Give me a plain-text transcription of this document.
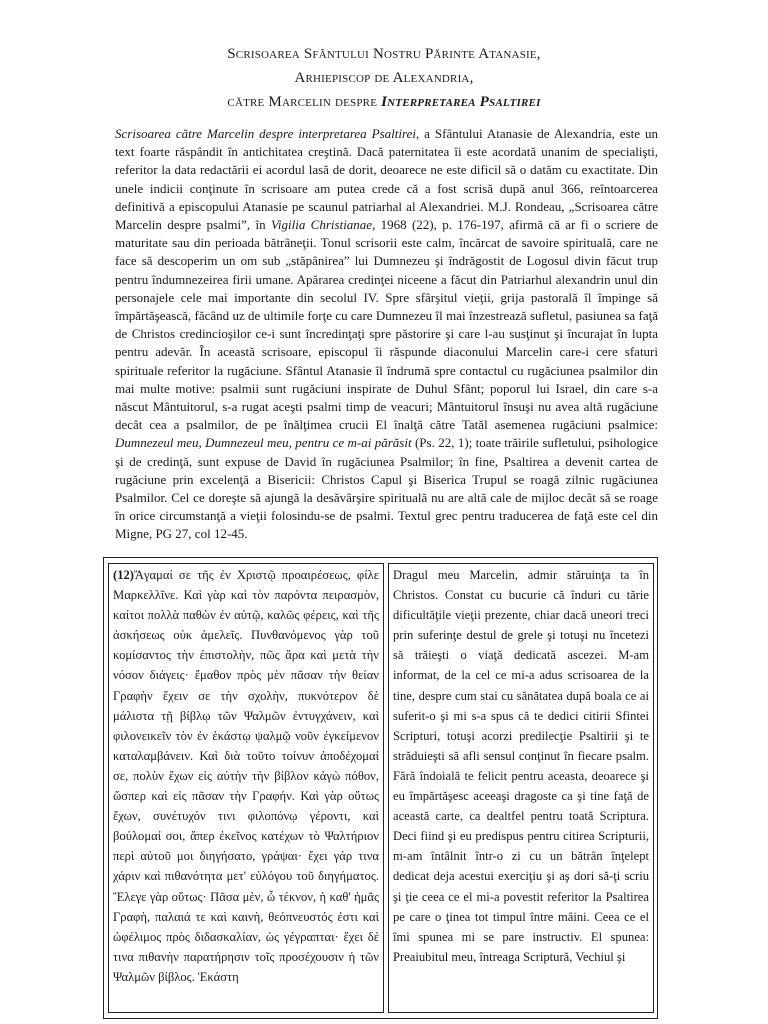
Scrisoarea Sfântului Nostru Părinte Atanasie,
Arhiepiscop de Alexandria,
către Marcelin despre Interpretarea Psaltirei
Scrisoarea către Marcelin despre interpretarea Psaltirei, a Sfântului Atanasie de Alexandria, este un text foarte răspândit în antichitatea creştină. Dacă paternitatea îi este acordată unanim de specialişti, referitor la data redactării ei acordul lasă de dorit, deoarece ne este dificil să o datăm cu exactitate. Din unele indicii conţinute în scrisoare am putea crede că a fost scrisă după anul 366, reîntoarcerea definitivă a episcopului Atanasie pe scaunul patriarhal al Alexandriei. M.J. Rondeau, „Scrisoarea către Marcelin despre psalmi”, în Vigilia Christianae, 1968 (22), p. 176-197, afirmă că ar fi o scriere de maturitate sau din perioada bătrâneţii. Tonul scrisorii este calm, încărcat de savoire spirituală, care ne face să descoperim un om sub „stăpânirea” lui Dumnezeu şi îndrăgostit de Logosul divin făcut trup pentru îndumnezeirea firii umane. Apărarea credinţei niceene a făcut din Patriarhul alexandrin unul din personajele cele mai importante din secolul IV. Spre sfârşitul vieţii, grija pastorală îl împinge să împărtăşească, făcând uz de ultimile forţe cu care Dumnezeu îl mai înzestrează sufletul, pasiunea sa faţă de Christos credincioşilor ce-i sunt încredinţaţi spre păstorire şi care l-au susţinut şi încurajat în lupta pentru adevăr. În această scrisoare, episcopul îi răspunde diaconului Marcelin care-i cere sfaturi spirituale referitor la rugăciune. Sfântul Atanasie îl îndrumă spre contactul cu rugăciunea psalmilor din mai multe motive: psalmii sunt rugăciuni inspirate de Duhul Sfânt; poporul lui Israel, din care s-a născut Mântuitorul, s-a rugat aceşti psalmi timp de veacuri; Mântuitorul însuşi nu avea altă rugăciune decât cea a psalmilor, de pe înălţimea crucii El înalţă către Tatăl asemenea rugăciuni psalmice: Dumnezeul meu, Dumnezeul meu, pentru ce m-ai părăsit (Ps. 22, 1); toate trăirile sufletului, psihologice şi de credinţă, sunt expuse de David în rugăciunea Psalmilor; în fine, Psaltirea a devenit cartea de rugăciune prin excelenţă a Bisericii: Christos Capul şi Biserica Trupul se roagă zilnic rugăciunea Psalmilor. Cel ce doreşte să ajungă la desăvârşire spirituală nu are altă cale de mijloc decât să se roage în orice circumstanţă a vieţii folosindu-se de psalmi. Textul grec pentru traducerea de faţă este cel din Migne, PG 27, col 12-45.
(12)Ἄγαμαί σε τῆς ἐν Χριστῷ προαιρέσεως, φίλε Μαρκελλῖνε. Καὶ γὰρ καὶ τὸν παρόντα πειρασμὸν, καίτοι πολλὰ παθὼν ἐν αὐτῷ, καλῶς φέρεις, καὶ τῆς ἀσκήσεως οὐκ ἀμελεῖς. Πυνθανόμενος γὰρ τοῦ κομίσαντος τὴν ἐπιστολὴν, πῶς ἄρα καὶ μετὰ τὴν νόσον διάγεις· ἔμαθον πρὸς μὲν πᾶσαν τὴν θείαν Γραφὴν ἔχειν σε τὴν σχολὴν, πυκνότερον δὲ μάλιστα τῇ βίβλῳ τῶν Ψαλμῶν ἐντυγχάνειν, καὶ φιλονεικεῖν τὸν ἐν ἑκάστῳ ψαλμῷ νοῦν ἐγκείμενον καταλαμβάνειν. Καὶ διὰ τοῦτο τοίνυν ἀποδέχομαί σε, πολὺν ἔχων εἰς αὐτὴν τὴν βίβλον κἀγὼ πόθον, ὥσπερ καὶ εἰς πᾶσαν τὴν Γραφήν. Καὶ γὰρ οὕτως ἔχων, συνέτυχόν τινι φιλοπόνῳ γέροντι, καὶ βούλομαί σοι, ἅπερ ἐκεῖνος κατέχων τὸ Ψαλτήριον περὶ αὐτοῦ μοι διηγήσατο, γράψαι· ἔχει γάρ τινα χάριν καὶ πιθανότητα μετ' εὐλόγου τοῦ διηγήματος. Ἔλεγε γὰρ οὕτως· Πᾶσα μὲν, ὦ τέκνον, ἡ καθ' ἡμᾶς Γραφὴ, παλαιά τε καὶ καινὴ, θεόπνευστός ἐστι καὶ ὠφέλιμος πρὸς διδασκαλίαν, ὡς γέγραπται· ἔχει δέ τινα πιθανὴν παρατήρησιν τοῖς προσέχουσιν ἡ τῶν Ψαλμῶν βίβλος. Ἑκάστη
Dragul meu Marcelin, admir stăruinţa ta în Christos. Constat cu bucurie că înduri cu tărie dificultăţile vieţii prezente, chiar dacă uneori treci prin suferinţe destul de grele şi totuşi nu încetezi să trăieşti o viaţă dedicată ascezei. M-am informat, de la cel ce mi-a adus scrisoarea de la tine, despre cum stai cu sănătatea după boala ce ai suferit-o şi mi s-a spus că te dedici citirii Sfintei Scripturi, totuşi acorzi predilecţie Psaltirii şi te străduieşti să afli sensul conţinut în fiecare psalm. Fără îndoială te felicit pentru aceasta, deoarece şi eu împărtăşesc aceeaşi dragoste ca şi tine faţă de această carte, ca dealtfel pentru toată Scriptura. Deci fiind şi eu predispus pentru citirea Scripturii, m-am întâlnit într-o zi cu un bătrân înţelept dedicat deja acestui exerciţiu şi aş dori să-ţi scriu şi ţie ceea ce el mi-a povestit referitor la Psaltirea pe care o ţinea tot timpul între mâini. Ceea ce el îmi spunea mi se pare instructiv. El spunea: Preaiubitul meu, întreaga Scriptură, Vechiul şi
